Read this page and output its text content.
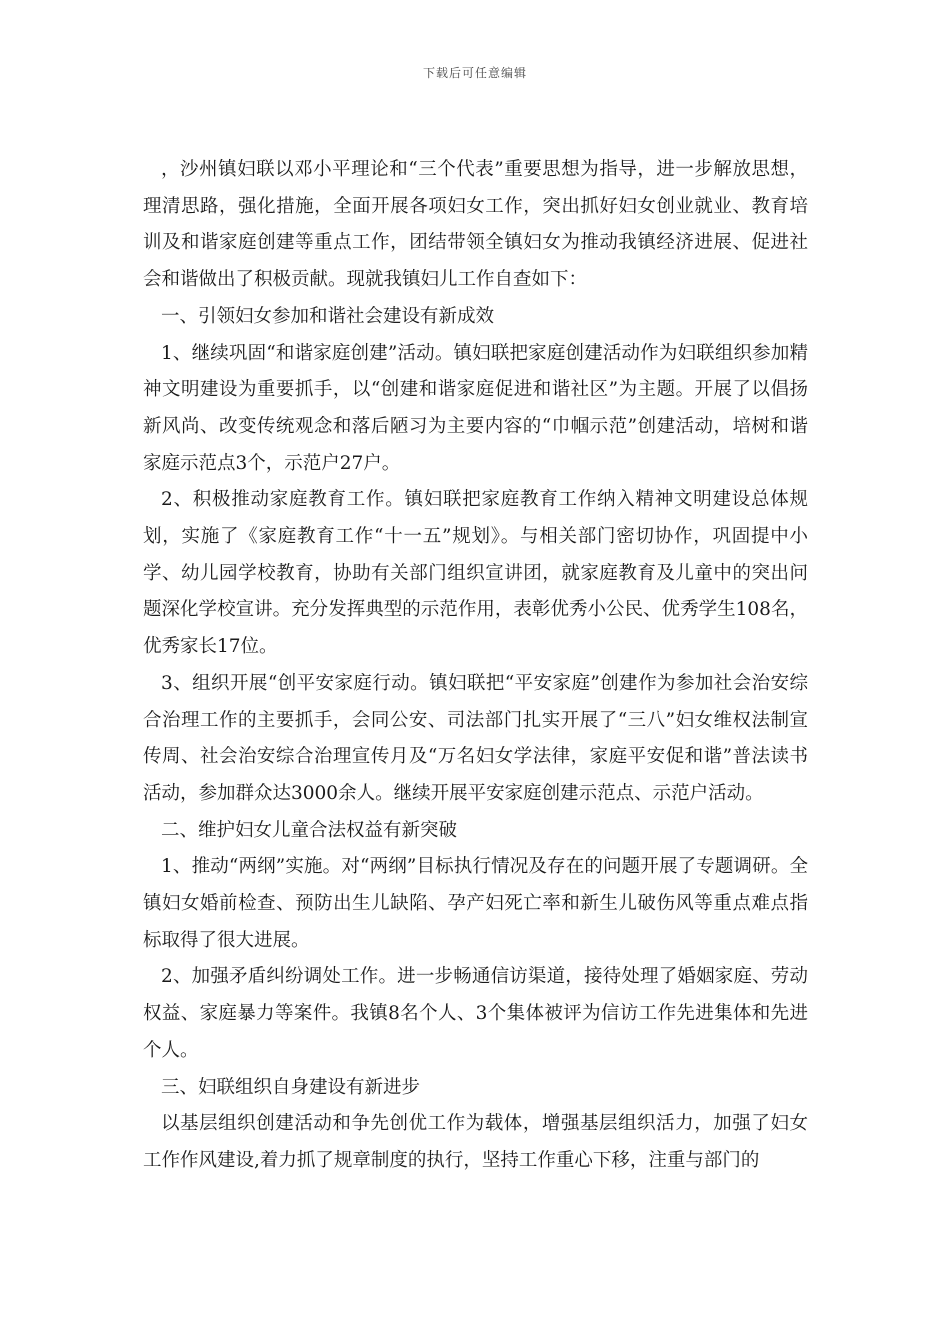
下载后可任意编辑

，沙州镇妇联以邓小平理论和“三个代表”重要思想为指导，进一步解放思想，理清思路，强化措施，全面开展各项妇女工作，突出抓好妇女创业就业、教育培训及和谐家庭创建等重点工作，团结带领全镇妇女为推动我镇经济进展、促进社会和谐做出了积极贡献。现就我镇妇儿工作自查如下：

一、引领妇女参加和谐社会建设有新成效

1、继续巩固“和谐家庭创建”活动。镇妇联把家庭创建活动作为妇联组织参加精神文明建设为重要抓手，以“创建和谐家庭促进和谐社区”为主题。开展了以倡扬新风尚、改变传统观念和落后陋习为主要内容的“巾帼示范”创建活动，培树和谐家庭示范点3个，示范户27户。

2、积极推动家庭教育工作。镇妇联把家庭教育工作纳入精神文明建设总体规划，实施了《家庭教育工作“十一五”规划》。与相关部门密切协作，巩固提中小学、幼儿园学校教育，协助有关部门组织宣讲团，就家庭教育及儿童中的突出问题深化学校宣讲。充分发挥典型的示范作用，表彰优秀小公民、优秀学生108名，优秀家长17位。

3、组织开展“创平安家庭行动。镇妇联把“平安家庭”创建作为参加社会治安综合治理工作的主要抓手，会同公安、司法部门扎实开展了“三八”妇女维权法制宣传周、社会治安综合治理宣传月及“万名妇女学法律，家庭平安促和谐”普法读书活动，参加群众达3000余人。继续开展平安家庭创建示范点、示范户活动。

二、维护妇女儿童合法权益有新突破

1、推动“两纲”实施。对“两纲”目标执行情况及存在的问题开展了专题调研。全镇妇女婚前检查、预防出生儿缺陷、孕产妇死亡率和新生儿破伤风等重点难点指标取得了很大进展。

2、加强矛盾纠纷调处工作。进一步畅通信访渠道，接待处理了婚姻家庭、劳动权益、家庭暴力等案件。我镇8名个人、3个集体被评为信访工作先进集体和先进个人。

三、妇联组织自身建设有新进步

以基层组织创建活动和争先创优工作为载体，增强基层组织活力，加强了妇女工作作风建设,着力抓了规章制度的执行，坚持工作重心下移，注重与部门的
